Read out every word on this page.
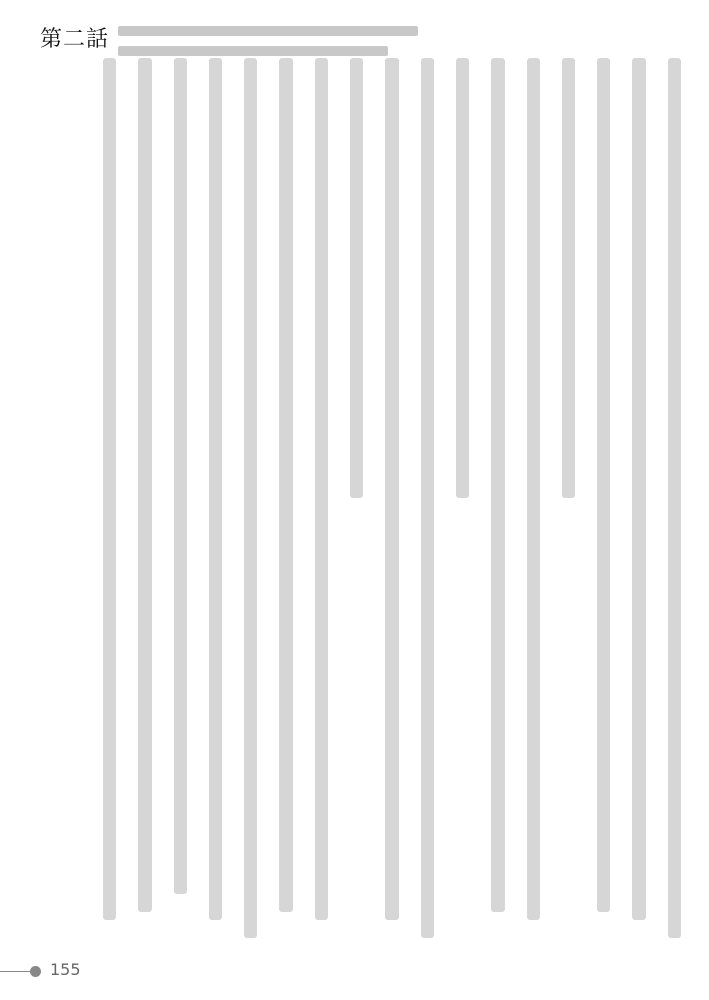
第二話
155
